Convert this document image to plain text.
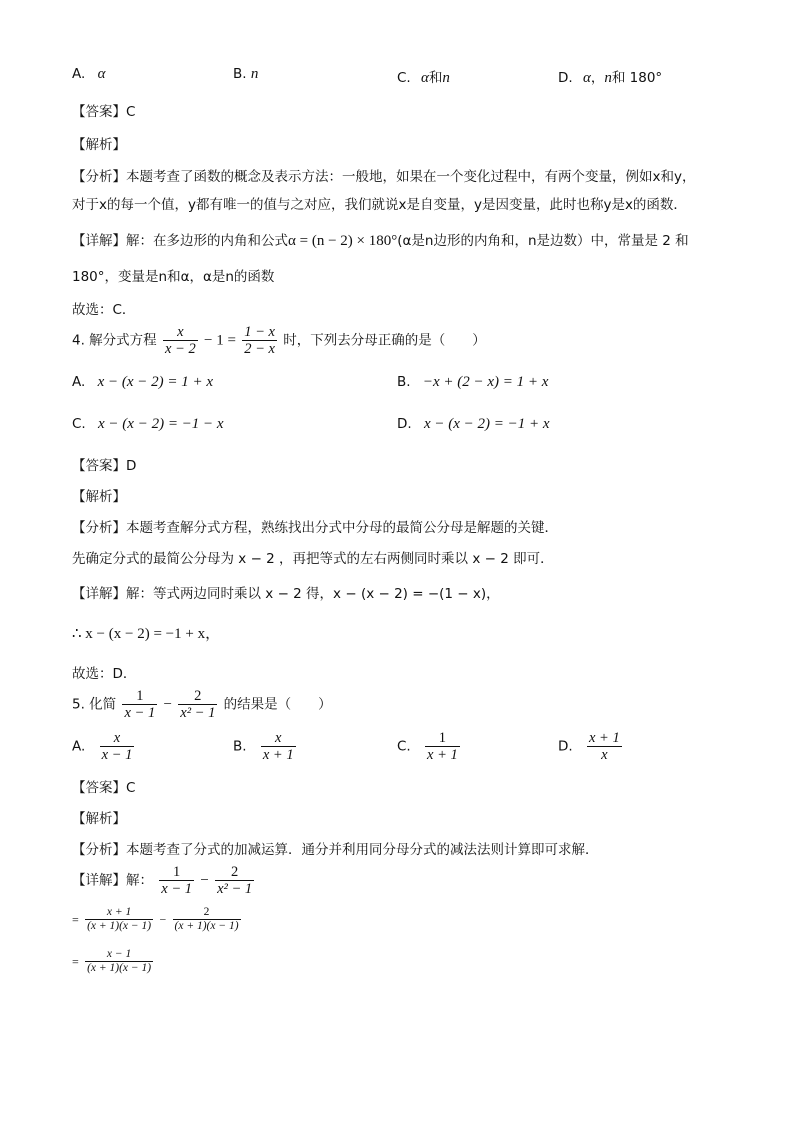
A. α	B. n	C. α和n	D. α，n和 180°
【答案】C
【解析】
【分析】本题考查了函数的概念及表示方法：一般地，如果在一个变化过程中，有两个变量，例如x和y，
对于x的每一个值，y都有唯一的值与之对应，我们就说x是自变量，y是因变量，此时也称y是x的函数．
【详解】解：在多边形的内角和公式α = (n − 2) × 180°(α是n边形的内角和，n是边数）中，常量是 2 和
180°，变量是n和α，α是n的函数
故选：C．
4. 解分式方程 $\frac{x}{x - 2} - 1 = \frac{1 - x}{2 - x}$ 时，下列去分母正确的是（　　）
A. x − (x − 2) = 1 + x	B. −x + (2 − x) = 1 + x
C. x − (x − 2) = −1 − x	D. x − (x − 2) = −1 + x
【答案】D
【解析】
【分析】本题考查解分式方程，熟练找出分式中分母的最简公分母是解题的关键．
先确定分式的最简公分母为 x − 2 ，再把等式的左右两侧同时乘以 x − 2 即可．
【详解】解：等式两边同时乘以 x − 2 得，x − (x − 2) = −(1 − x)，
∴ x − (x − 2) = −1 + x，
故选：D．
5. 化简 $\frac{1}{x - 1} - \frac{2}{\text{x² − 1}}$ 的结果是（　　）
A. $\frac{x}{x - 1}$	B. $\frac{x}{x + 1}$	C. $\frac{1}{x + 1}$	D. $\frac{x + 1}{x}$
【答案】C
【解析】
【分析】本题考查了分式的加减运算．通分并利用同分母分式的减法法则计算即可求解．
【详解】解： $\frac{1}{x - 1} - \frac{2}{\text{x² − 1}}$
= $\frac{x + 1}{(x + 1)(x - 1)} - \frac{2}{(x + 1)(x - 1)}$
= $\frac{x - 1}{(x + 1)(x - 1)}$
